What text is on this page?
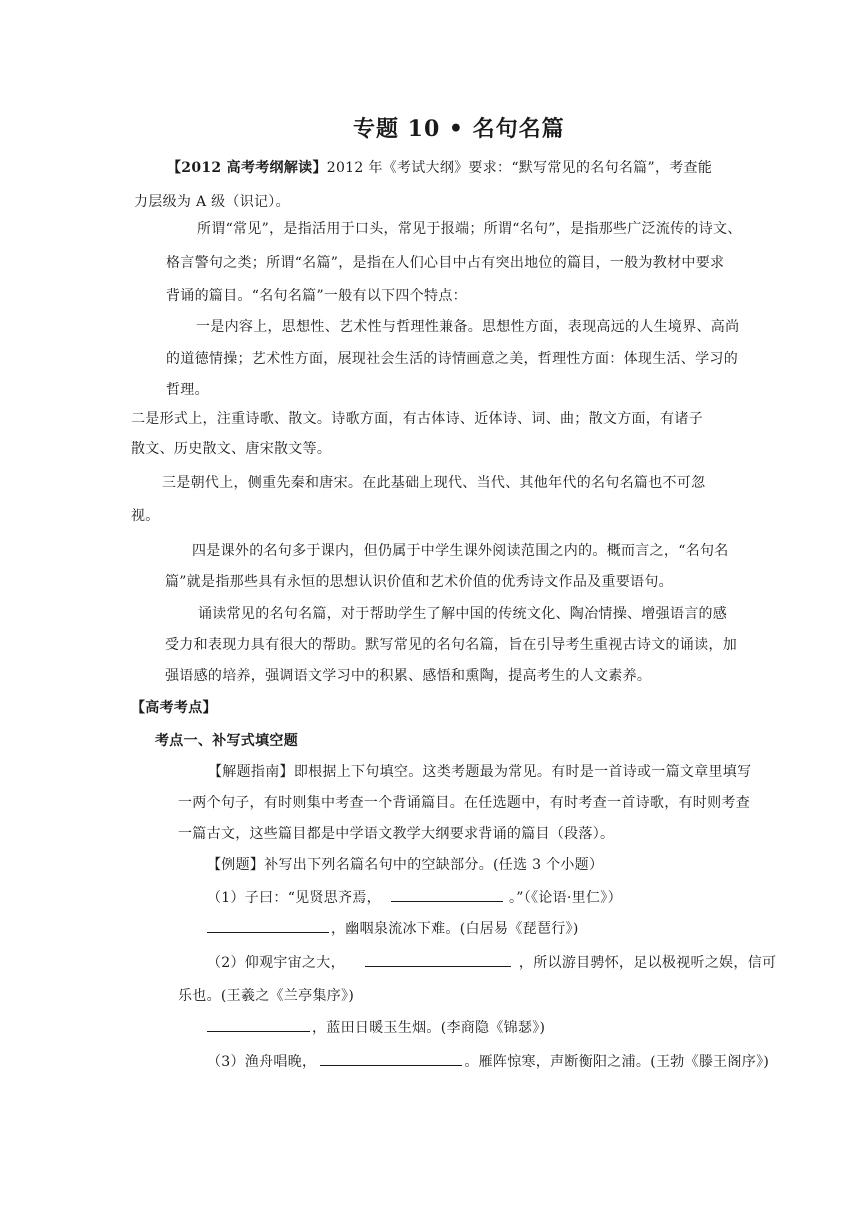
专题 10 • 名句名篇
【2012 高考考纲解读】2012 年《考试大纲》要求：“默写常见的名句名篇”，考查能
力层级为 A 级（识记）。
所谓“常见”，是指活用于口头，常见于报端；所谓“名句”，是指那些广泛流传的诗文、
格言警句之类；所谓“名篇”，是指在人们心目中占有突出地位的篇目，一般为教材中要求
背诵的篇目。“名句名篇”一般有以下四个特点：
一是内容上，思想性、艺术性与哲理性兼备。思想性方面，表现高远的人生境界、高尚
的道德情操；艺术性方面，展现社会生活的诗情画意之美，哲理性方面：体现生活、学习的
哲理。
二是形式上，注重诗歌、散文。诗歌方面，有古体诗、近体诗、词、曲；散文方面，有诸子
散文、历史散文、唐宋散文等。
三是朝代上，侧重先秦和唐宋。在此基础上现代、当代、其他年代的名句名篇也不可忽
视。
四是课外的名句多于课内，但仍属于中学生课外阅读范围之内的。概而言之，“名句名
篇”就是指那些具有永恒的思想认识价值和艺术价值的优秀诗文作品及重要语句。
诵读常见的名句名篇，对于帮助学生了解中国的传统文化、陶冶情操、增强语言的感
受力和表现力具有很大的帮助。默写常见的名句名篇，旨在引导考生重视古诗文的诵读，加
强语感的培养，强调语文学习中的积累、感悟和熏陶，提高考生的人文素养。
【高考考点】
考点一、补写式填空题
【解题指南】即根据上下句填空。这类考题最为常见。有时是一首诗或一篇文章里填写
一两个句子，有时则集中考查一个背诵篇目。在任选题中，有时考查一首诗歌，有时则考查
一篇古文，这些篇目都是中学语文教学大纲要求背诵的篇目（段落）。
【例题】补写出下列名篇名句中的空缺部分。(任选 3 个小题）
（1）子曰：“见贤思齐焉，	。”（《论语·里仁》）
，幽咽泉流冰下难。(白居易《琵琶行》)
（2）仰观宇宙之大，	，所以游目骋怀，足以极视听之娱，信可
乐也。(王羲之《兰亭集序》)
，蓝田日暖玉生烟。(李商隐《锦瑟》)
（3）渔舟唱晚，	。雁阵惊寒，声断衡阳之浦。(王勃《滕王阁序》)
